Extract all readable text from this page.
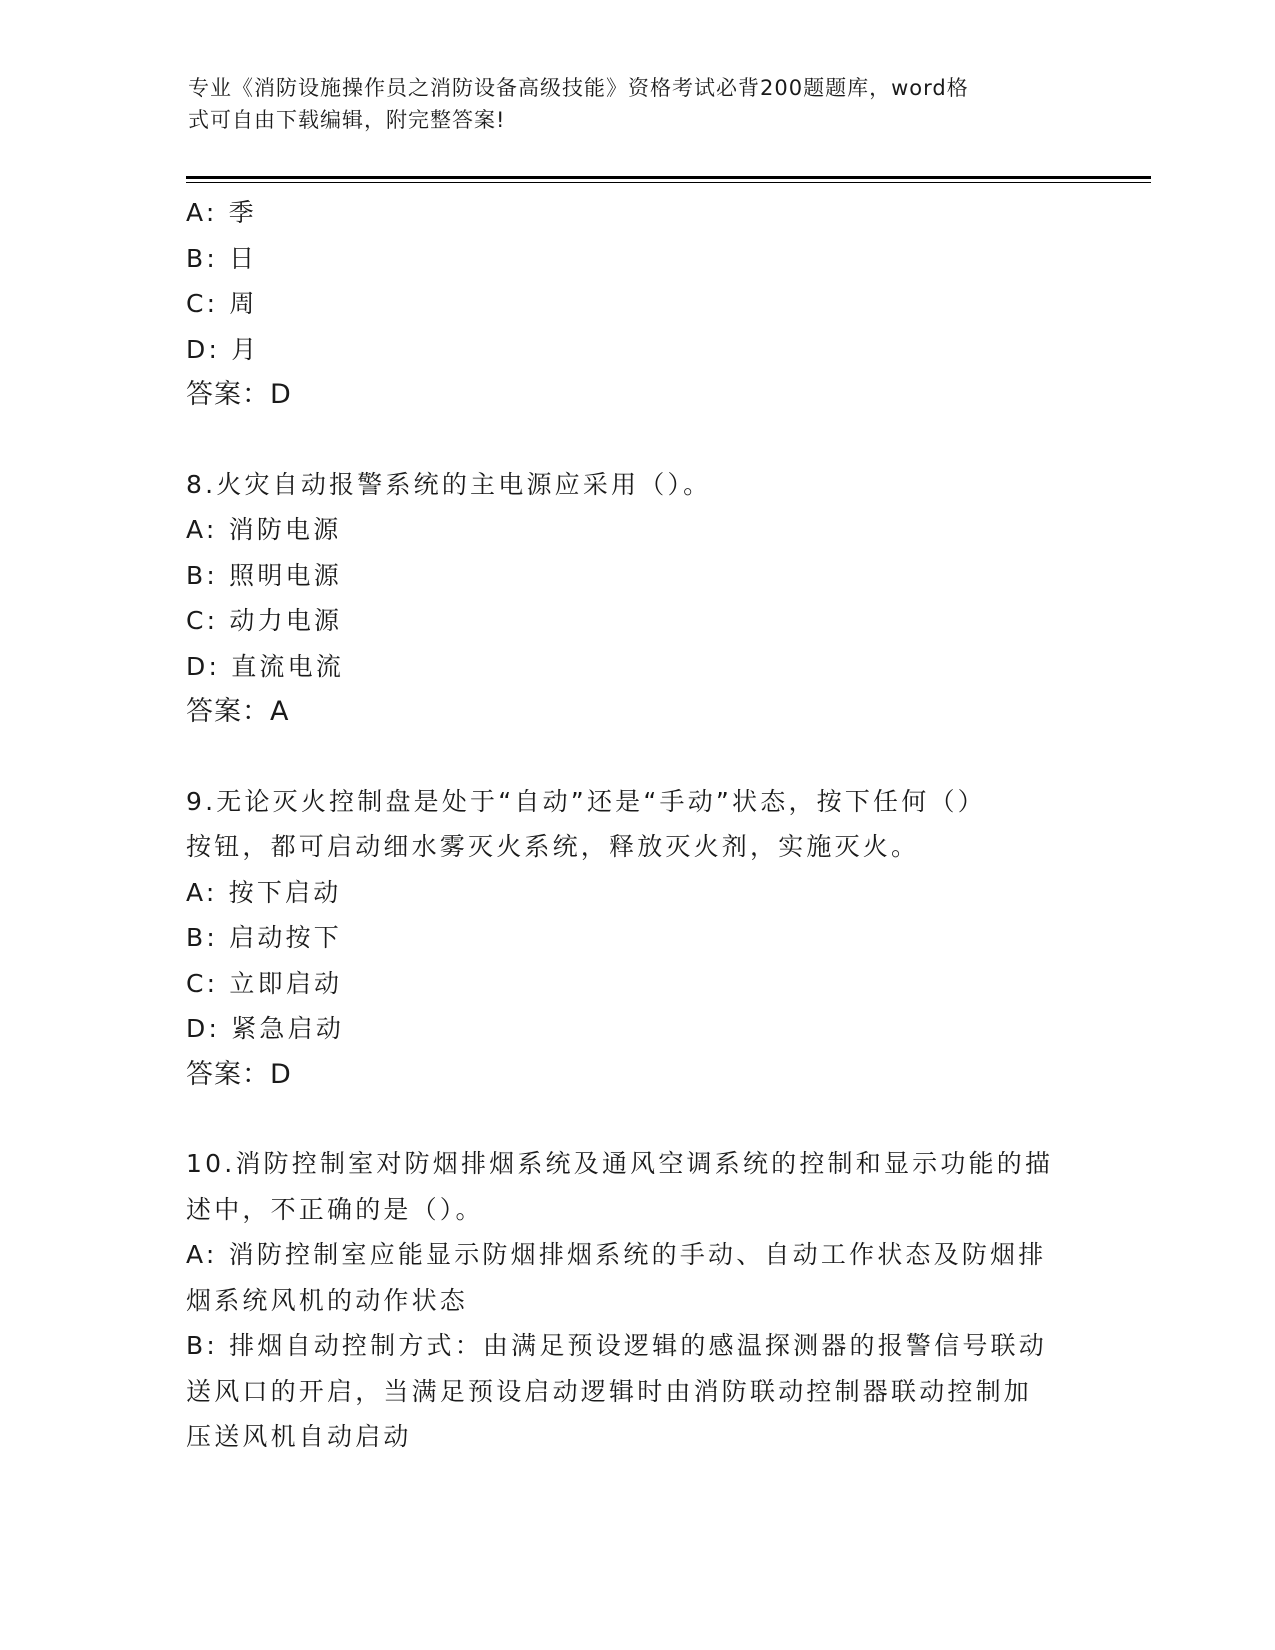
专业《消防设施操作员之消防设备高级技能》资格考试必背200题题库，word格
式可自由下载编辑，附完整答案!
A: 季
B: 日
C: 周
D: 月
答案：D
8.火灾自动报警系统的主电源应采用（）。
A: 消防电源
B: 照明电源
C: 动力电源
D: 直流电流
答案：A
9.无论灭火控制盘是处于“自动”还是“手动”状态，按下任何（）
按钮，都可启动细水雾灭火系统，释放灭火剂，实施灭火。
A: 按下启动
B: 启动按下
C: 立即启动
D: 紧急启动
答案：D
10.消防控制室对防烟排烟系统及通风空调系统的控制和显示功能的描
述中，不正确的是（）。
A: 消防控制室应能显示防烟排烟系统的手动、自动工作状态及防烟排
烟系统风机的动作状态
B: 排烟自动控制方式：由满足预设逻辑的感温探测器的报警信号联动
送风口的开启，当满足预设启动逻辑时由消防联动控制器联动控制加
压送风机自动启动
